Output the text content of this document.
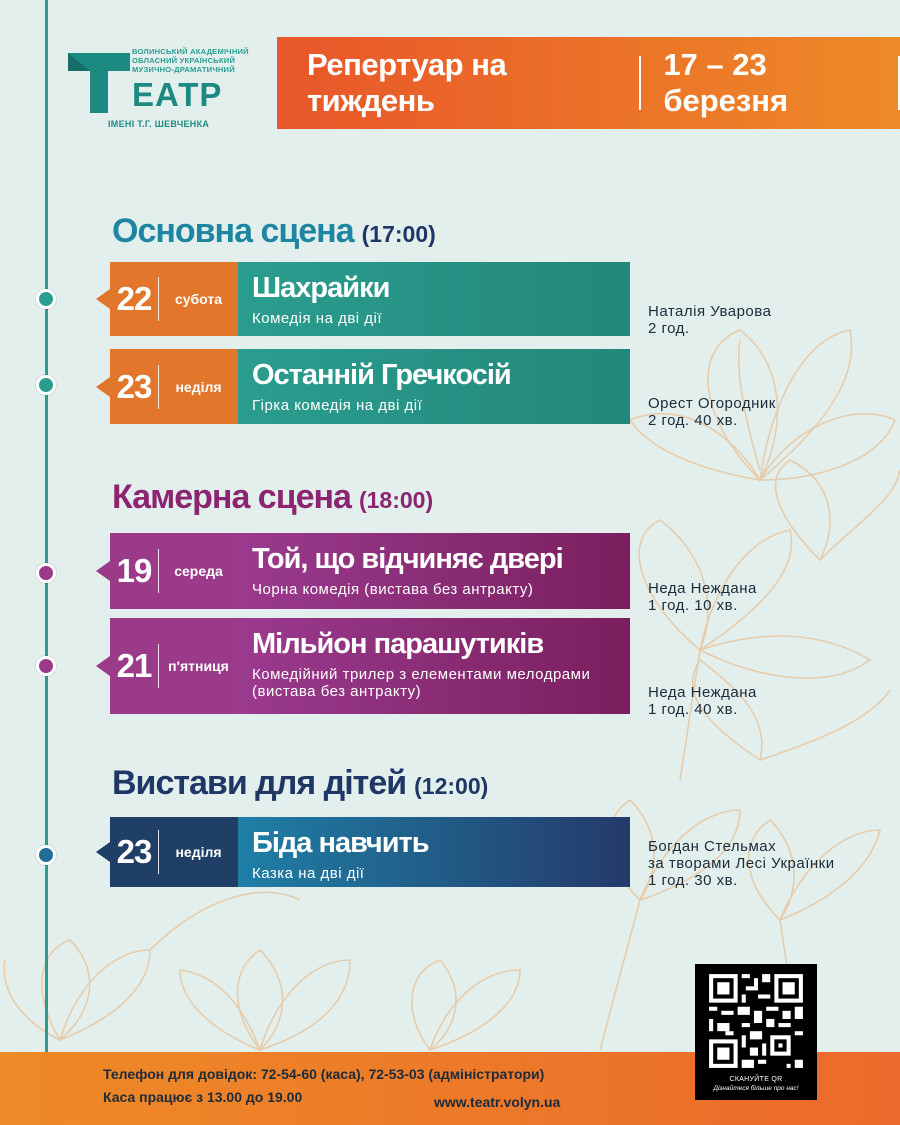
ВОЛИНСЬКИЙ АКАДЕМІЧНИЙ
ОБЛАСНИЙ УКРАЇНСЬКИЙ
МУЗИЧНО-ДРАМАТИЧНИЙ
ЕАТР
ІМЕНІ Т.Г. ШЕВЧЕНКА
Репертуар на тиждень
17 – 23 березня
Основна сцена (17:00)
22	субота	Шахрайки
Комедія на дві дії	Наталія Уварова
2 год.
23	неділя	Останній Гречкосій
Гірка комедія на дві дії	Орест Огородник
2 год. 40 хв.
Камерна сцена (18:00)
19	середа	Той, що відчиняє двері
Чорна комедія (вистава без антракту)	Неда Неждана
1 год. 10 хв.
21	п'ятниця
Мільйон парашутиків
Комедійний трилер з елементами мелодрами
(вистава без антракту)	Неда Неждана
1 год. 40 хв.
Вистави для дітей (12:00)
23	неділя	Біда навчить
Казка на дві дії
Богдан Стельмах
за творами Лесі Українки
1 год. 30 хв.
Телефон для довідок: 72-54-60 (каса), 72-53-03 (адміністратори)
Каса працює з 13.00 до 19.00	www.teatr.volyn.ua
СКАНУЙТЕ QR
Дізнайтеся більше про нас!
